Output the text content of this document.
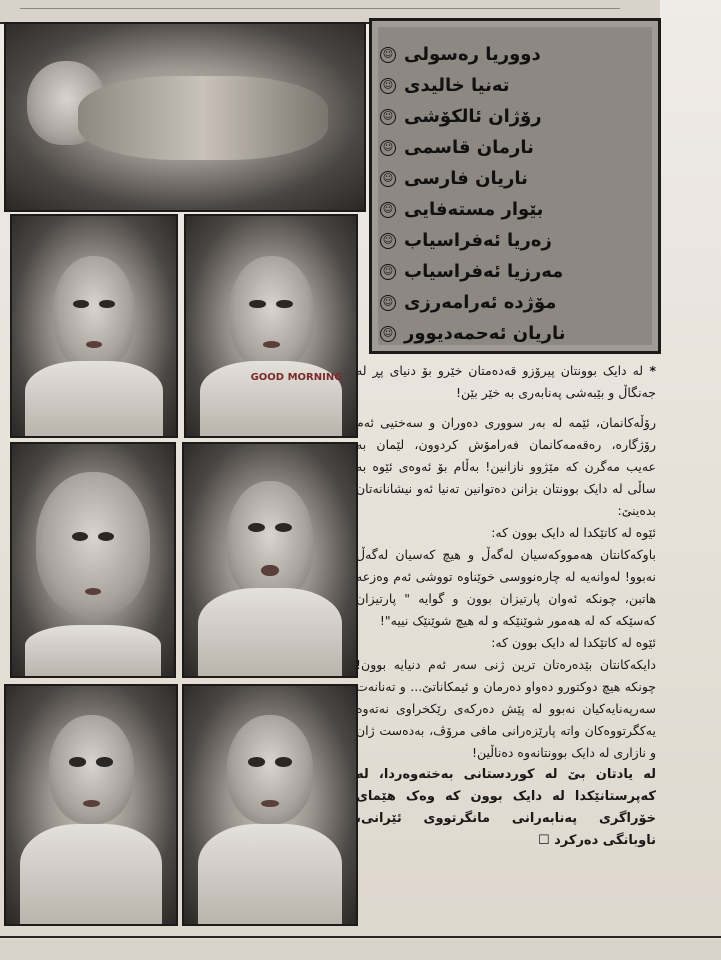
GOOD MORNING
دووریا رەسولی
☺
تەنیا خالیدی
☺
رۆژان ئالکۆشی
☺
نارمان قاسمی
☺
ناریان فارسی
☺
بێوار مستەفایی
☺
زەریا ئەفراسیاب
☺
مەرزیا ئەفراسیاب
☺
مۆژدە ئەرامەرزی
☺
ناریان ئەحمەدیوور
☺

* لە دایک بوونتان پیرۆزو قەدەمتان خێرو بۆ دنیای پڕ لە جەنگاڵ و بێبەشی پەنابەری بە خێر بێن!

رۆڵەکانمان، ئێمە لە بەر سووری دەوران و سەختیی ئەم رۆژگارە، رەقەمەکانمان فەرامۆش کردوون، لێمان بە عەیب مەگرن کە مێژوو نازانین! بەڵام بۆ ئەوەی ئێوە بە ساڵی لە دایک بوونتان بزانن دەتوانین تەنیا ئەو نیشانانەتان بدەینێ:

ئێوە لە کاتێکدا لە دایک بوون کە:

باوکەکانتان هەمووکەسیان لەگەڵ و هیچ کەسیان لەگەڵ نەبوو! لەوانەیە لە چارەنووسی خوێناوە تووشی ئەم وەزعە هاتبن، چونکە ئەوان پارتیزان بوون و گوایە " پارتیزان کەسێکە کە لە هەمور شوێنێکە و لە هیچ شوێنێک نییە"!

ئێوە لە کاتێکدا لە دایک بوون کە:

دایکەکانتان بێدەرەتان ترین ژنی سەر ئەم دنیایە بوون! چونکە هیچ دوکتورو دەواو دەرمان و ئیمکاناتێ... و تەنانەت سەرپەنایەکیان نەبوو لە پێش دەرکەی رێکخراوی نەتەوە یەکگرتووەکان واتە پارێزەرانی مافی مرۆڤ، بەدەست ژان و نازاری لە دایک بوونتانەوە دەناڵین!

لە یادتان بێ لە کوردستانی بەختەوەردا، لە کەپرستانێکدا لە دایک بوون کە وەک هێمای خۆراگری پەنابەرانی مانگرتووی ئێرانی، ناوبانگی دەرکرد ☐
